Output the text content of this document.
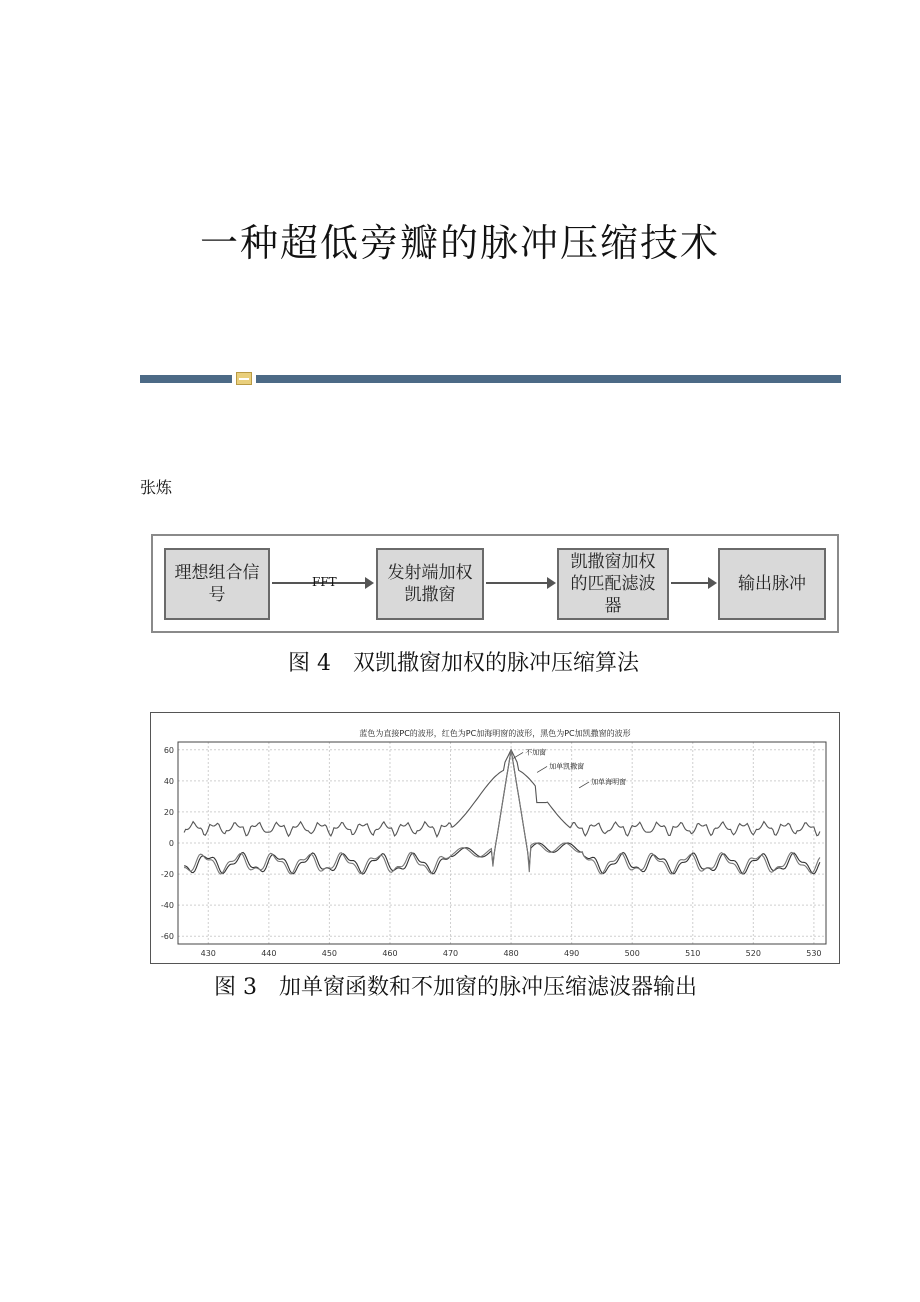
一种超低旁瓣的脉冲压缩技术
张炼
理想组合信号
FFT	发射端加权凯撒窗
凯撒窗加权的匹配滤波器
输出脉冲
图 4　双凯撒窗加权的脉冲压缩算法
蓝色为直接PC的波形，红色为PC加海明窗的波形，黑色为PC加凯撒窗的波形
430	440	450	460	470	480	490	500	510	520	530
60
40
20
0
-20
-40
-60
不加窗
加单凯撒窗
加单海明窗
图 3　加单窗函数和不加窗的脉冲压缩滤波器输出
